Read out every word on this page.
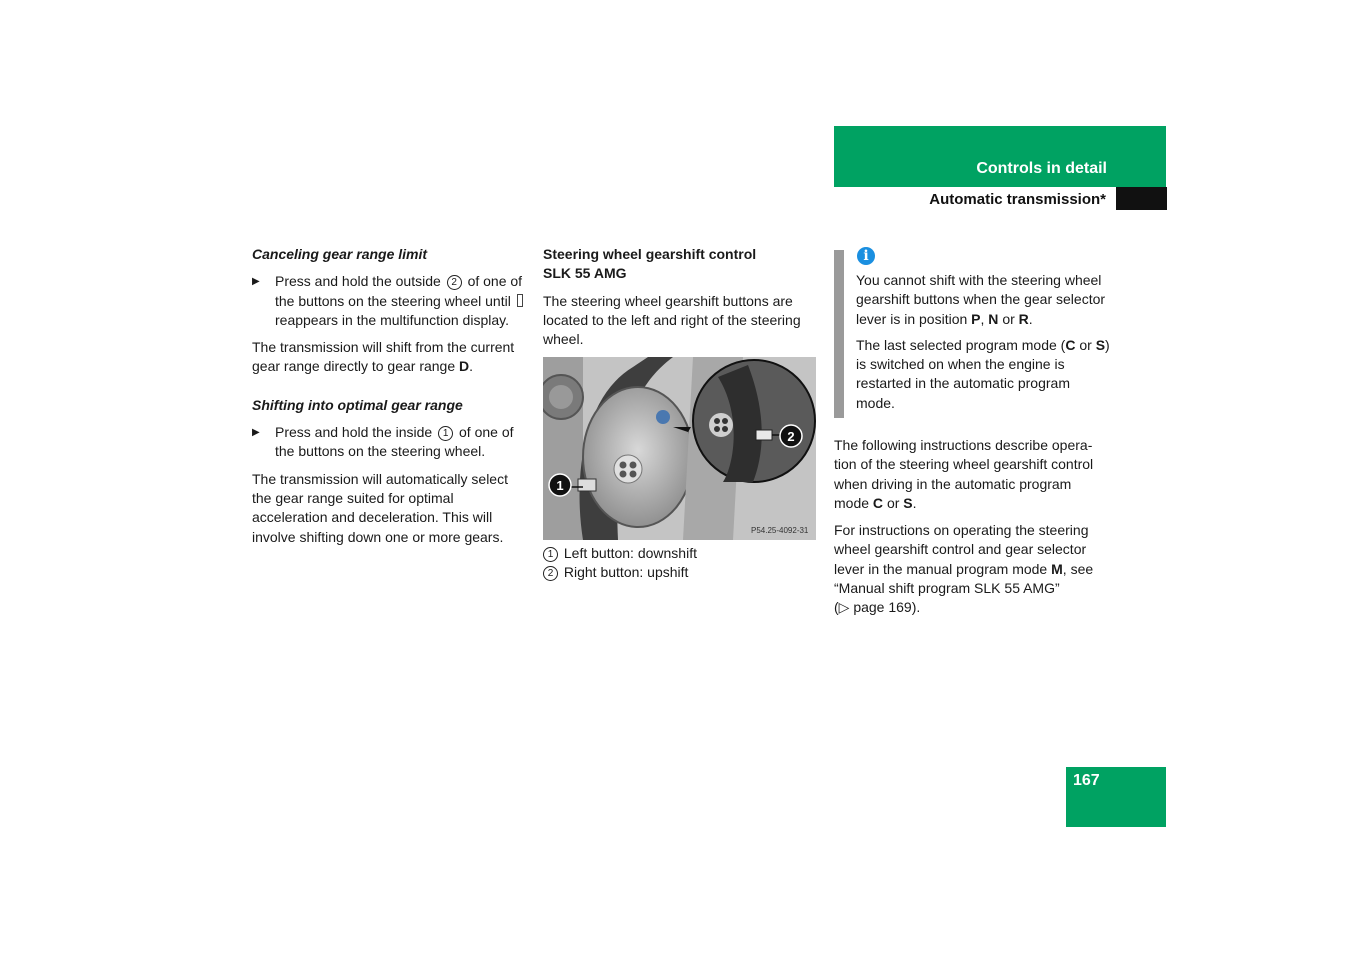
Controls in detail
Automatic transmission*

Canceling gear range limit

▶ Press and hold the outside 2 of one of the buttons on the steering wheel until  reappears in the multifunction display.

The transmission will shift from the current gear range directly to gear range D.

Shifting into optimal gear range

▶ Press and hold the inside 1 of one of the buttons on the steering wheel.

The transmission will automatically select the gear range suited for optimal acceleration and deceleration. This will involve shifting down one or more gears.

Steering wheel gearshift control

SLK 55 AMG

The steering wheel gearshift buttons are located to the left and right of the steering wheel.

1
2
P54.25-4092-31

1 Left button: downshift

2 Right button: upshift

i

You cannot shift with the steering wheel gearshift buttons when the gear selector lever is in position P, N or R.

The last selected program mode (C or S) is switched on when the engine is restarted in the automatic program mode.

The following instructions describe opera-tion of the steering wheel gearshift control when driving in the automatic program mode C or S.

For instructions on operating the steering wheel gearshift control and gear selector lever in the manual program mode M, see “Manual shift program SLK 55 AMG”
(▷ page 169).

167
